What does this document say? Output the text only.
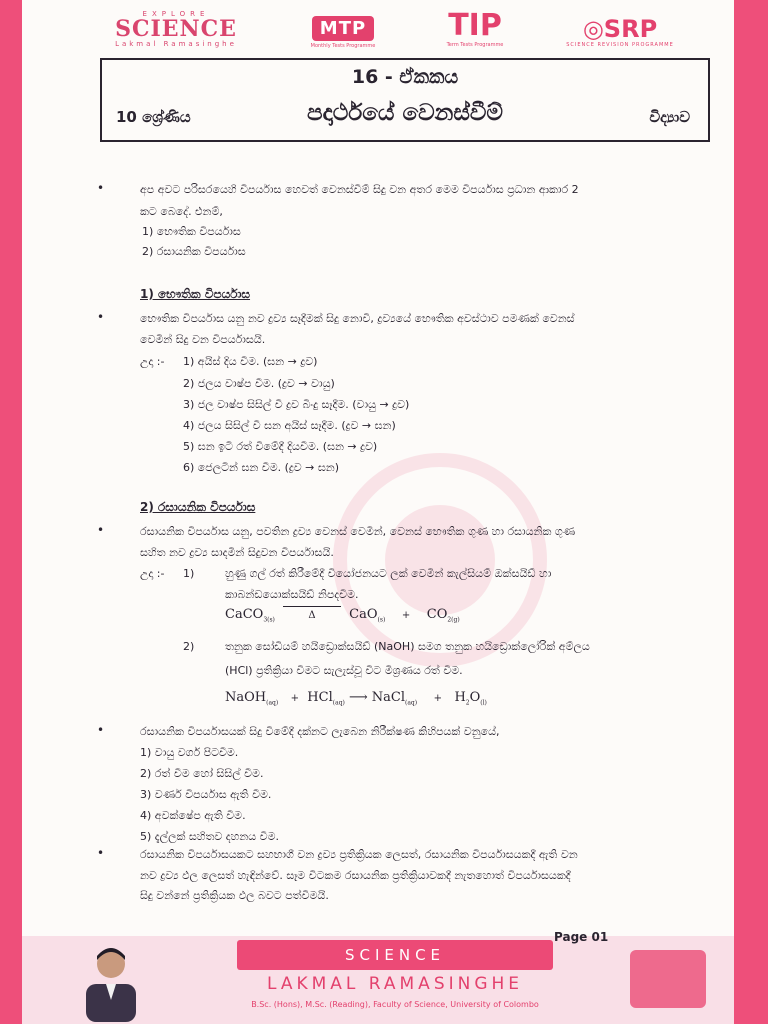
EXPLORE
SCIENCE
Lakmal Ramasinghe
MTP
Monthly Tests Programme
TIP
Term Tests Programme
◎SRP
SCIENCE REVISION PROGRAMME
16 - ඒකකය
10 ශ්‍රේණිය	පදාර්ථයේ වෙනස්වීම්	විද්‍යාව
•	අප අවට පරිසරයෙහි විපර්යාස හෙවත් වෙනස්වීම් සිදු වන අතර මෙම විපර්යාස ප්‍රධාන ආකාර 2
කට බෙදේ. එනම්,
1) භෞතික විපර්යාස
2) රසායනික විපර්යාස
1) භෞතික විපර්යාස
•	භෞතික විපර්යාස යනු නව ද්‍රව්‍ය සෑදීමක් සිදු නොවී, ද්‍රව්‍යයේ භෞතික අවස්ථාව පමණක් වෙනස්
වෙමින් සිදු වන විපර්යාසයි.
උදා :- 1) අයිස් දිය වීම. (ඝන → ද්‍රව)
2) ජලය වාෂ්ප වීම. (ද්‍රව → වායු)
3) ජල වාෂ්ප සිසිල් වී ද්‍රව බිංදු සෑදීම. (වායු → ද්‍රව)
4) ජලය සිසිල් වී ඝන අයිස් සෑදීම. (ද්‍රව → ඝන)
5) ඝන ඉටි රත් වීමේදී දියවීම. (ඝන → ද්‍රව)
6) ජෙලටින් ඝන වීම. (ද්‍රව → ඝන)
2) රසායනික විපර්යාස
•	රසායනික විපර්යාස යනු, පවතින ද්‍රව්‍ය වෙනස් වෙමින්, වෙනස් භෞතික ගුණ හා රසායනික ගුණ
සහිත නව ද්‍රව්‍ය සාදමින් සිදුවන විපර්යාසයි.
උදා :- 1)	හුණු ගල් රත් කිරීමේදී වියෝජනයට ලක් වෙමින් කැල්සියම් ඔක්සයිඩ් හා
කාබන්ඩයොක්සයිඩ් නිපදවීම.
CaCO$_{3(s)}$	Δ	$CaO_{(s)} + CO_{2(g)}$
2)	තනුක සෝඩියම් හයිඩ්‍රොක්සයිඩ් (NaOH) සමග තනුක හයිඩ්‍රොක්ලෝරික් අම්ලය
(HCl) ප්‍රතික්‍රියා වීමට සැලැස්වූ විට මිශ්‍රණය රත් වීම.
NaOH$_{(aq)}$ + HCl$_{(aq)}$ ⟶ NaCl$_{(aq)}$ + $H_2O_{(l)}$
•	රසායනික විපර්යාසයක් සිදු වීමේදී දක්නට ලැබෙන නිරීක්ෂණ කිහිපයක් වනුයේ,
1) වායු වර්ග පිටවීම.
2) රත් වීම හෝ සිසිල් වීම.
3) වර්ණ විපර්යාස ඇති වීම.
4) අවක්ෂේප ඇති වීම.
5) දැල්ලක් සහිතව දහනය වීම.
•	රසායනික විපර්යාසයකට සහභාගී වන ද්‍රව්‍ය ප්‍රතික්‍රියක ලෙසත්, රසායනික විපර්යාසයකදී ඇති වන
නව ද්‍රව්‍ය ඵල ලෙසත් හැඳින්වේ. සෑම විටකම රසායනික ප්‍රතික්‍රියාවකදී නැතහොත් විපර්යාසයකදී
සිදු වන්නේ ප්‍රතික්‍රියක ඵල බවට පත්වීමයි.
Page 01
SCIENCE
LAKMAL RAMASINGHE
B.Sc. (Hons), M.Sc. (Reading), Faculty of Science, University of Colombo
